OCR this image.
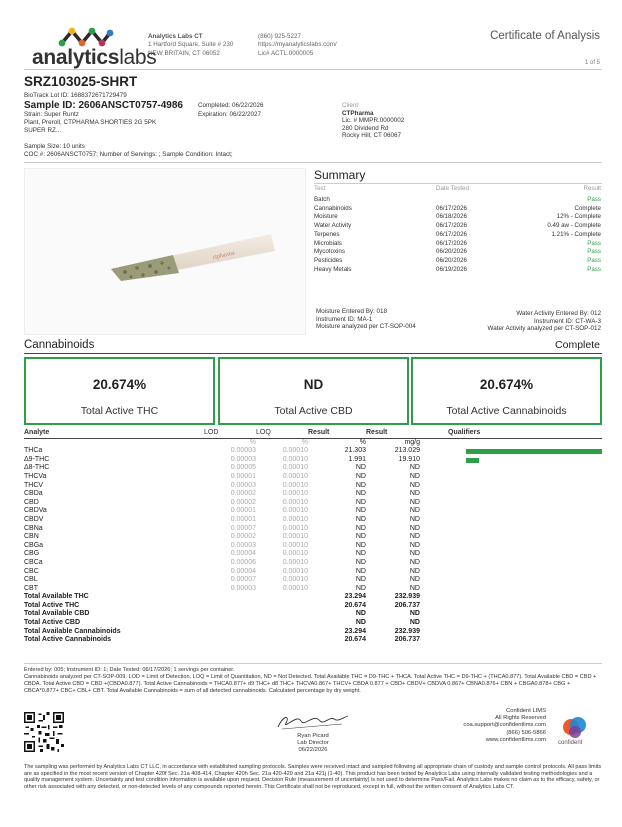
analyticslabs
Analytics Labs CT
1 Hartford Square, Suite # 230
NEW BRITAIN, CT 06052
(860) 925-5227
https://myanalyticslabs.com/
Lic# ACTL.0000005
Certificate of Analysis
1 of 5
SRZ103025-SHRT
BioTrack Lot ID: 1688372671729479
Sample ID: 2606ANSCT0757-4986 Completed: 06/22/2026
Expiration: 06/22/2027
Strain: Super Runtz
Plant, Preroll, CTPHARMA SHORTIES 2G 5PK
SUPER RZ...
Sample Size: 10 units
COC #: 2606ANSCT0757; Number of Servings: ; Sample Condition: Intact;
Client
CTPharma
Lic. # MMPR.0000002
280 Dividend Rd
Rocky Hill, CT 06067
ctpharma
Summary
Test	Date Tested	Result
Batch	Pass
Cannabinoids	06/17/2026	Complete
Moisture	06/18/2026	12% - Complete
Water Activity	06/17/2026	0.49 aw - Complete
Terpenes	06/17/2026	1.21% - Complete
Microbials	06/17/2026	Pass
Mycotoxins	06/20/2026	Pass
Pesticides	06/20/2026	Pass
Heavy Metals	06/19/2026	Pass
Moisture Entered By: 018
Instrument ID: MA-1
Moisture analyzed per CT-SOP-004
Water Activity Entered By: 012
Instrument ID: CT-WA-3
Water Activity analyzed per CT-SOP-012
Cannabinoids	Complete
20.674%
Total Active THC
ND
Total Active CBD
20.674%
Total Active Cannabinoids
Analyte	LOD	LOQ	Result	Result	Qualifiers
	%	%	%	mg/g	
THCa	0.00003	0.00010	21.303	213.029	
Δ9-THC	0.00003	0.00010	1.991	19.910	
Δ8-THC	0.00005	0.00010	ND	ND	
THCVa	0.00001	0.00010	ND	ND	
THCV	0.00003	0.00010	ND	ND	
CBDa	0.00002	0.00010	ND	ND	
CBD	0.00002	0.00010	ND	ND	
CBDVa	0.00001	0.00010	ND	ND	
CBDV	0.00001	0.00010	ND	ND	
CBNa	0.00007	0.00010	ND	ND	
CBN	0.00002	0.00010	ND	ND	
CBGa	0.00003	0.00010	ND	ND	
CBG	0.00004	0.00010	ND	ND	
CBCa	0.00006	0.00010	ND	ND	
CBC	0.00004	0.00010	ND	ND	
CBL	0.00007	0.00010	ND	ND	
CBT	0.00003	0.00010	ND	ND	
Total Available THC			23.294	232.939	
Total Active THC			20.674	206.737	
Total Available CBD			ND	ND	
Total Active CBD			ND	ND	
Total Available Cannabinoids			23.294	232.939	
Total Active Cannabinoids			20.674	206.737	
Entered by: 005; Instrument ID: 1; Date Tested: 06/17/2026; 1 servings per container.
Cannabinoids analyzed per CT-SOP-009. LOD = Limit of Detection, LOQ = Limit of Quantitation, ND = Not Detected. Total Available THC = D9-THC + THCA. Total Active THC = D9-THC + (THCA0.877). Total Available CBD = CBD + CBDA. Total Active CBD = CBD +(CBDA0.877). Total Active Cannabinoids = THCA0.877+ d9 THC+ d8 THC+ THCVA0.867+ THCV+ CBDA 0.877 + CBD+ CBDV+ CBDVA 0.867+ CBNA0.876+ CBN + CBGA0.878+ CBG + CBCA*0.877+ CBC+ CBL+ CBT. Total Available Cannabinoids = sum of all detected cannabinoids. Calculated percentage by dry weight.
Ryan Picard
Lab Director
06/22/2026
Confident LIMS
All Rights Reserved
coa.support@confidentlims.com
(866) 506-5866
www.confidentlims.com
confident
The sampling was performed by Analytics Labs CT LLC, in accordance with established sampling protocols. Samples were received intact and sampled following all appropriate chain of custody and sample control protocols. All pass limits are as specified in the most recent version of Chapter 420f Sec. 21a 408-414, Chapter 420h Sec. 21a 420-429 and 21a 421j (1-40). This product has been tested by Analytics Labs using internally validated testing methodologies and a quality management system. Uncertainty and test condition information is available upon request. Decision Rule (measurement of uncertainty) is not used to determine Pass/Fail. Analytics Labs makes no claim as to the efficacy, safety, or other risk associated with any detected, or non-detected levels of any compounds reported herein. This Certificate shall not be reproduced, except in full, without the written consent of Analytics Labs CT.
